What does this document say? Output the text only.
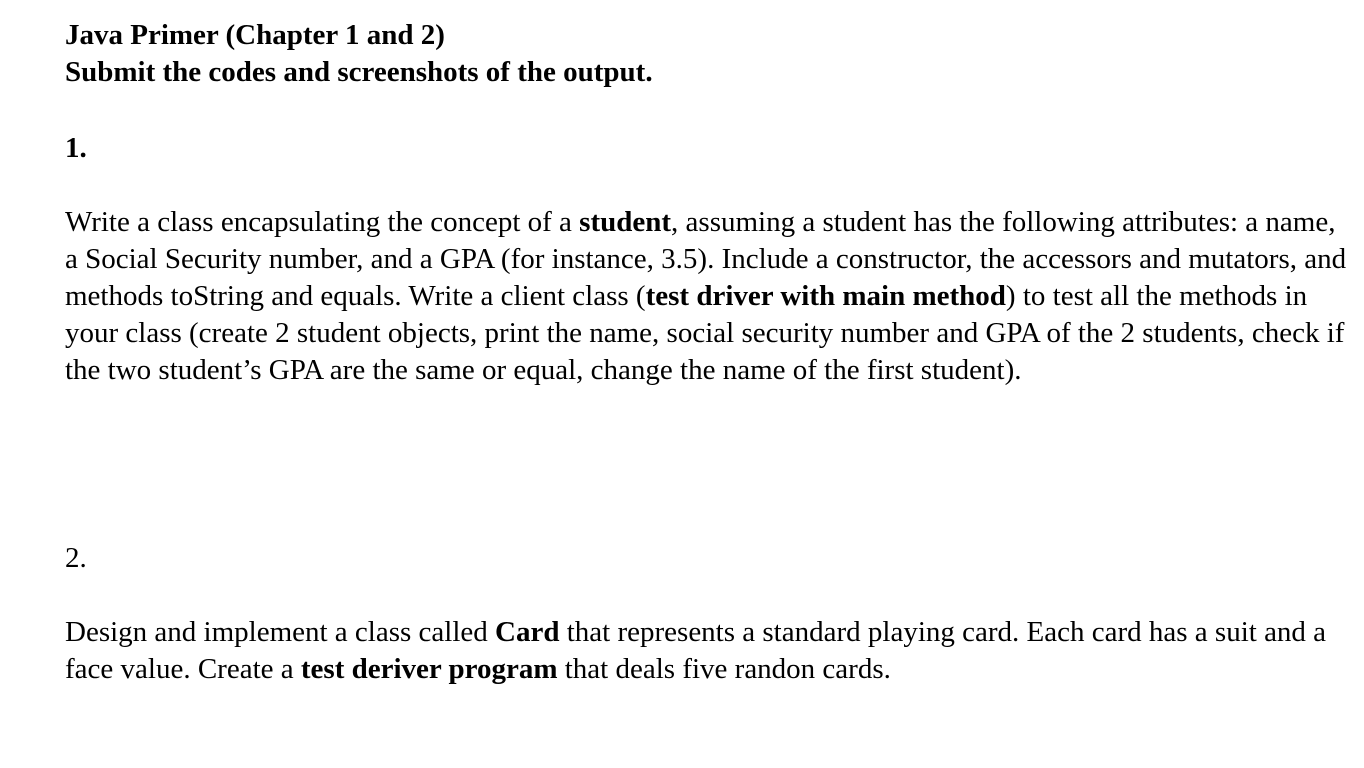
Java Primer (Chapter 1 and 2)
Submit the codes and screenshots of the output.
1.
Write a class encapsulating the concept of a student, assuming a student has the following attributes: a name, a Social Security number, and a GPA (for instance, 3.5). Include a constructor, the accessors and mutators, and methods toString and equals. Write a client class (test driver with main method) to test all the methods in your class (create 2 student objects, print the name, social security number and GPA of the 2 students, check if the two student’s GPA are the same or equal, change the name of the first student).
2.
Design and implement a class called Card that represents a standard playing card. Each card has a suit and a face value. Create a test deriver program that deals five randon cards.
